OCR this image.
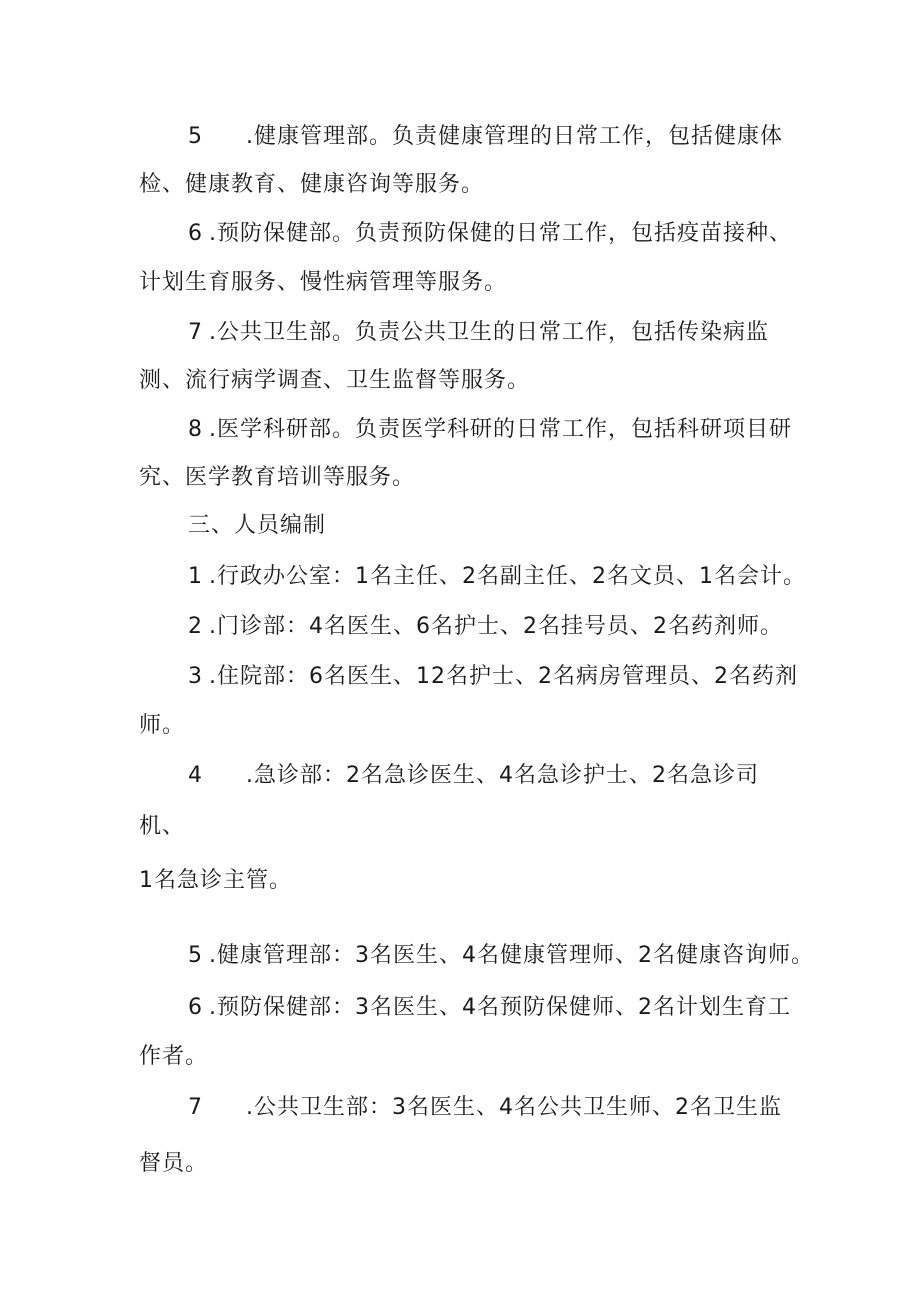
5 .健康管理部。负责健康管理的日常工作，包括健康体
检、健康教育、健康咨询等服务。
6 .预防保健部。负责预防保健的日常工作，包括疫苗接种、
计划生育服务、慢性病管理等服务。
7 .公共卫生部。负责公共卫生的日常工作，包括传染病监
测、流行病学调查、卫生监督等服务。
8 .医学科研部。负责医学科研的日常工作，包括科研项目研
究、医学教育培训等服务。
三、人员编制
1 .行政办公室：1名主任、2名副主任、2名文员、1名会计。
2 .门诊部：4名医生、6名护士、2名挂号员、2名药剂师。
3 .住院部：6名医生、12名护士、2名病房管理员、2名药剂
师。
4 .急诊部：2名急诊医生、4名急诊护士、2名急诊司
机、
1名急诊主管。
5 .健康管理部：3名医生、4名健康管理师、2名健康咨询师。
6 .预防保健部：3名医生、4名预防保健师、2名计划生育工
作者。
7 .公共卫生部：3名医生、4名公共卫生师、2名卫生监
督员。
